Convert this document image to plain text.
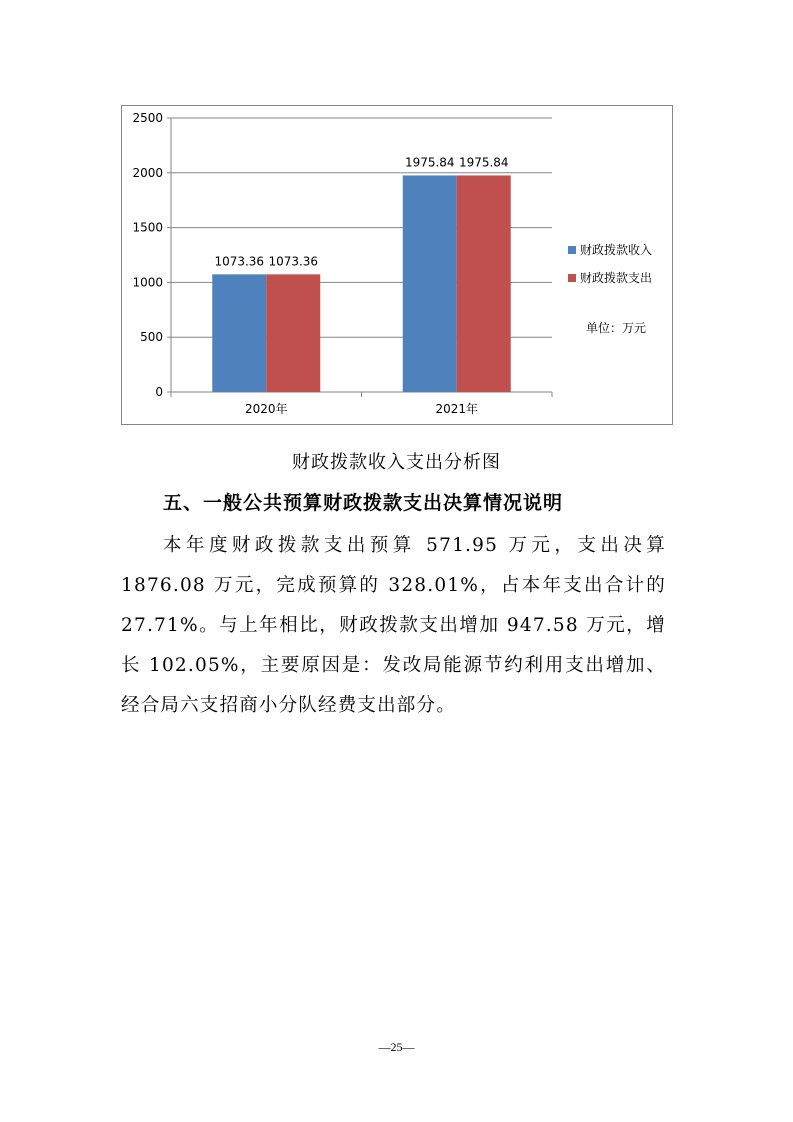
0
500
1000
1500
2000
2500
1073.36 1073.36
2020年
1975.84 1975.84
2021年
财政拨款收入
财政拨款支出
单位：万元
财政拨款收入支出分析图
五、一般公共预算财政拨款支出决算情况说明

本年度财政拨款支出预算 571.95 万元，支出决算 1876.08 万元，完成预算的 328.01%，占本年支出合计的 27.71%。与上年相比，财政拨款支出增加 947.58 万元，增长 102.05%，主要原因是：发改局能源节约利用支出增加、经合局六支招商小分队经费支出部分。

—25—
